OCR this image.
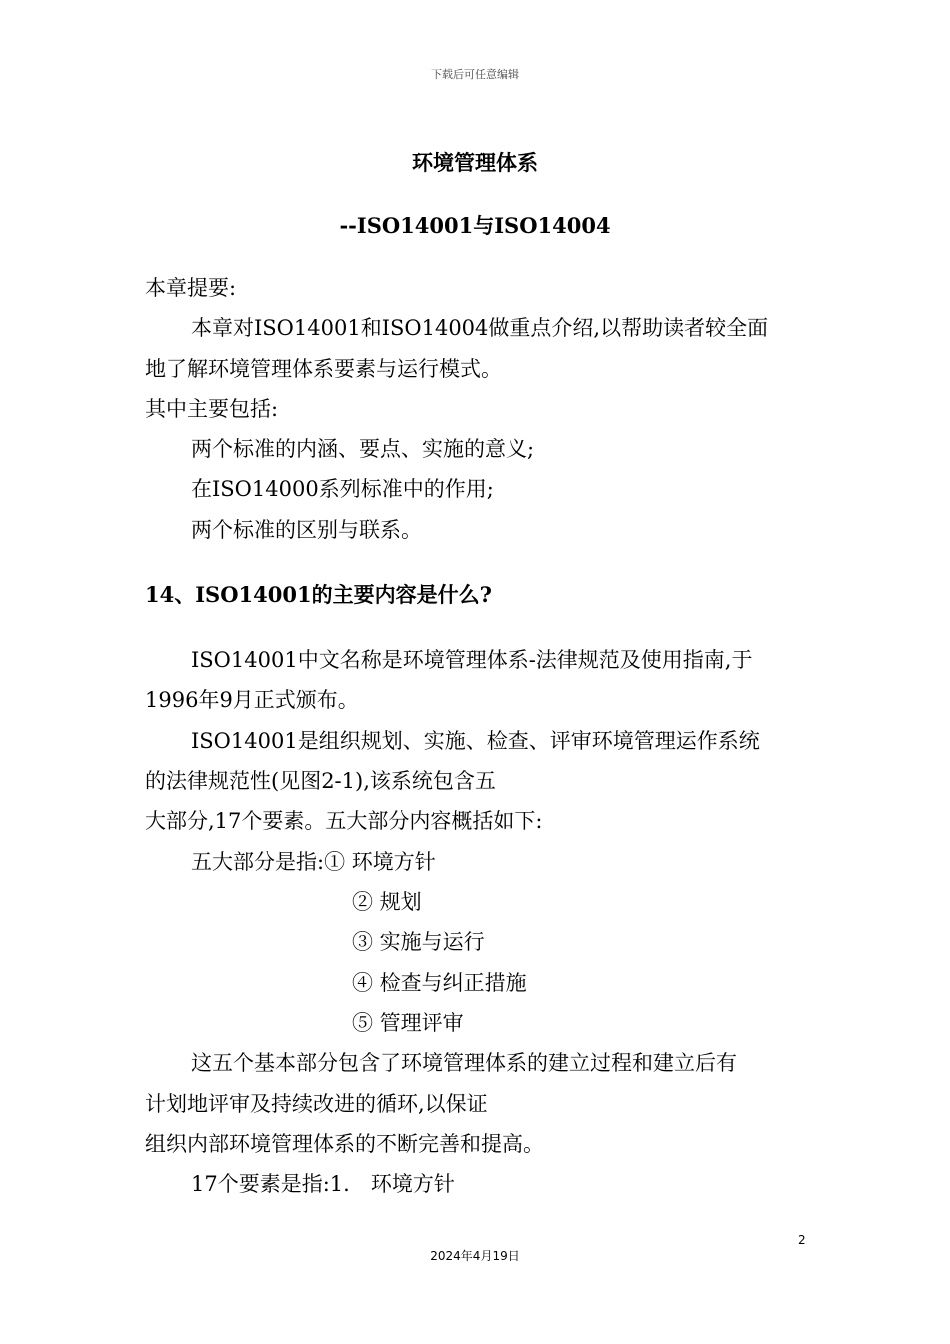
下载后可任意编辑
环境管理体系
--ISO14001与ISO14004
本章提要:
本章对ISO14001和ISO14004做重点介绍,以帮助读者较全面
地了解环境管理体系要素与运行模式。
其中主要包括:
两个标准的内涵、要点、实施的意义;
在ISO14000系列标准中的作用;
两个标准的区别与联系。
14、ISO14001的主要内容是什么?
ISO14001中文名称是环境管理体系-法律规范及使用指南,于
1996年9月正式颁布。
ISO14001是组织规划、实施、检查、评审环境管理运作系统
的法律规范性(见图2-1),该系统包含五
大部分,17个要素。五大部分内容概括如下:
五大部分是指:① 环境方针
② 规划
③ 实施与运行
④ 检查与纠正措施
⑤ 管理评审
这五个基本部分包含了环境管理体系的建立过程和建立后有
计划地评审及持续改进的循环,以保证
组织内部环境管理体系的不断完善和提高。
17个要素是指:1.　环境方针
2
2024年4月19日
